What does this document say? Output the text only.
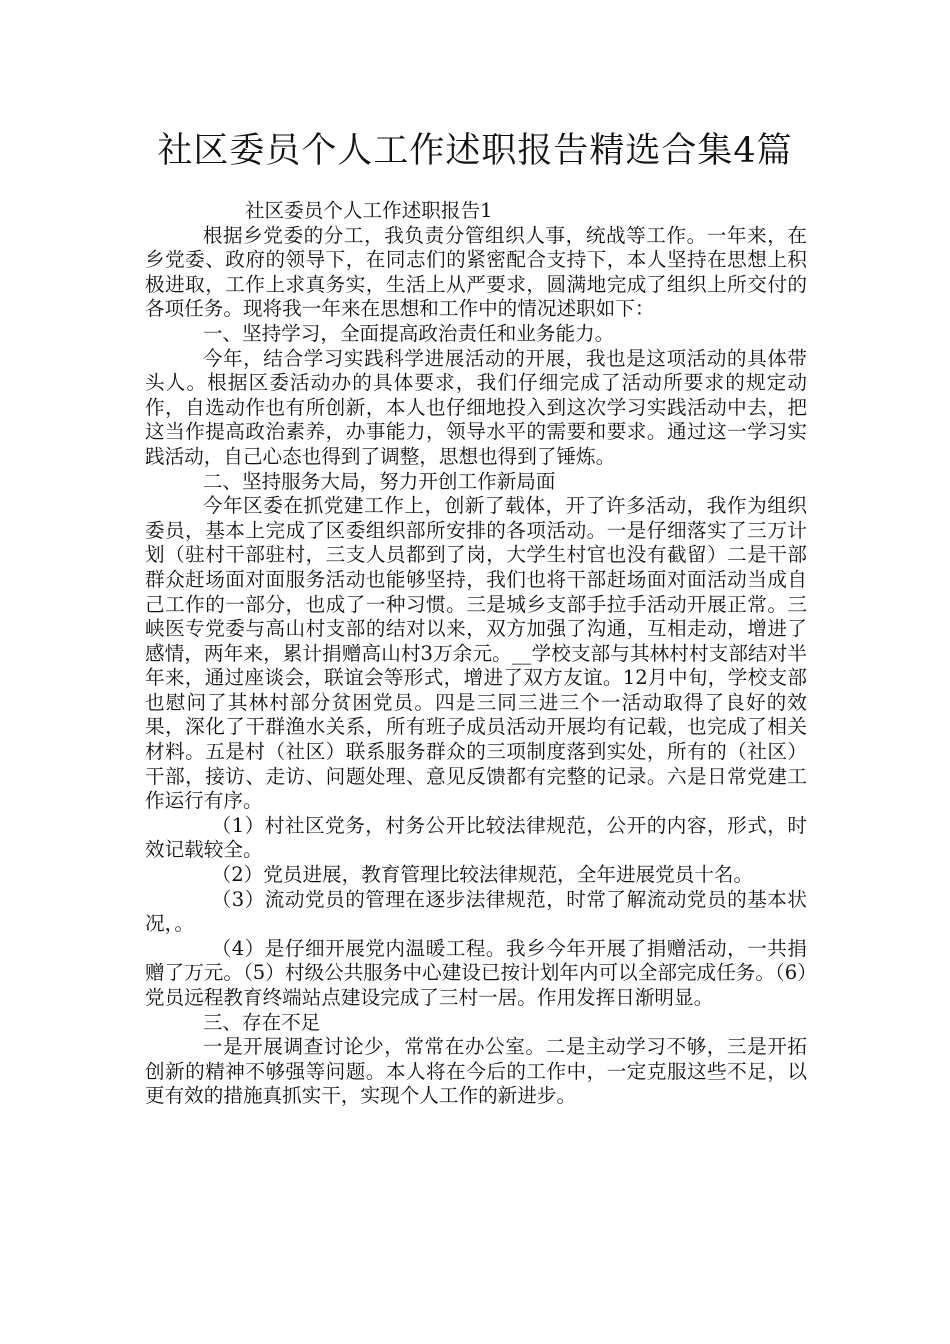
社区委员个人工作述职报告精选合集4篇

社区委员个人工作述职报告1

根据乡党委的分工，我负责分管组织人事，统战等工作。一年来，在乡党委、政府的领导下，在同志们的紧密配合支持下，本人坚持在思想上积极进取，工作上求真务实，生活上从严要求，圆满地完成了组织上所交付的各项任务。现将我一年来在思想和工作中的情况述职如下：

一、坚持学习，全面提高政治责任和业务能力。

今年，结合学习实践科学进展活动的开展，我也是这项活动的具体带头人。根据区委活动办的具体要求，我们仔细完成了活动所要求的规定动作，自选动作也有所创新，本人也仔细地投入到这次学习实践活动中去，把这当作提高政治素养，办事能力，领导水平的需要和要求。通过这一学习实践活动，自己心态也得到了调整，思想也得到了锤炼。

二、坚持服务大局，努力开创工作新局面

今年区委在抓党建工作上，创新了载体，开了许多活动，我作为组织委员，基本上完成了区委组织部所安排的各项活动。一是仔细落实了三万计划（驻村干部驻村，三支人员都到了岗，大学生村官也没有截留）二是干部群众赶场面对面服务活动也能够坚持，我们也将干部赶场面对面活动当成自己工作的一部分，也成了一种习惯。三是城乡支部手拉手活动开展正常。三峡医专党委与高山村支部的结对以来，双方加强了沟通，互相走动，增进了感情，两年来，累计捐赠高山村3万余元。__学校支部与其林村村支部结对半年来，通过座谈会，联谊会等形式，增进了双方友谊。12月中旬，学校支部也慰问了其林村部分贫困党员。四是三同三进三个一活动取得了良好的效果，深化了干群渔水关系，所有班子成员活动开展均有记载，也完成了相关材料。五是村（社区）联系服务群众的三项制度落到实处，所有的（社区）干部，接访、走访、问题处理、意见反馈都有完整的记录。六是日常党建工作运行有序。

（1）村社区党务，村务公开比较法律规范，公开的内容，形式，时效记载较全。

（2）党员进展，教育管理比较法律规范，全年进展党员十名。

（3）流动党员的管理在逐步法律规范，时常了解流动党员的基本状况，。

（4）是仔细开展党内温暖工程。我乡今年开展了捐赠活动，一共捐赠了万元。（5）村级公共服务中心建设已按计划年内可以全部完成任务。（6）党员远程教育终端站点建设完成了三村一居。作用发挥日渐明显。

三、存在不足

一是开展调查讨论少，常常在办公室。二是主动学习不够，三是开拓创新的精神不够强等问题。本人将在今后的工作中，一定克服这些不足，以更有效的措施真抓实干，实现个人工作的新进步。
